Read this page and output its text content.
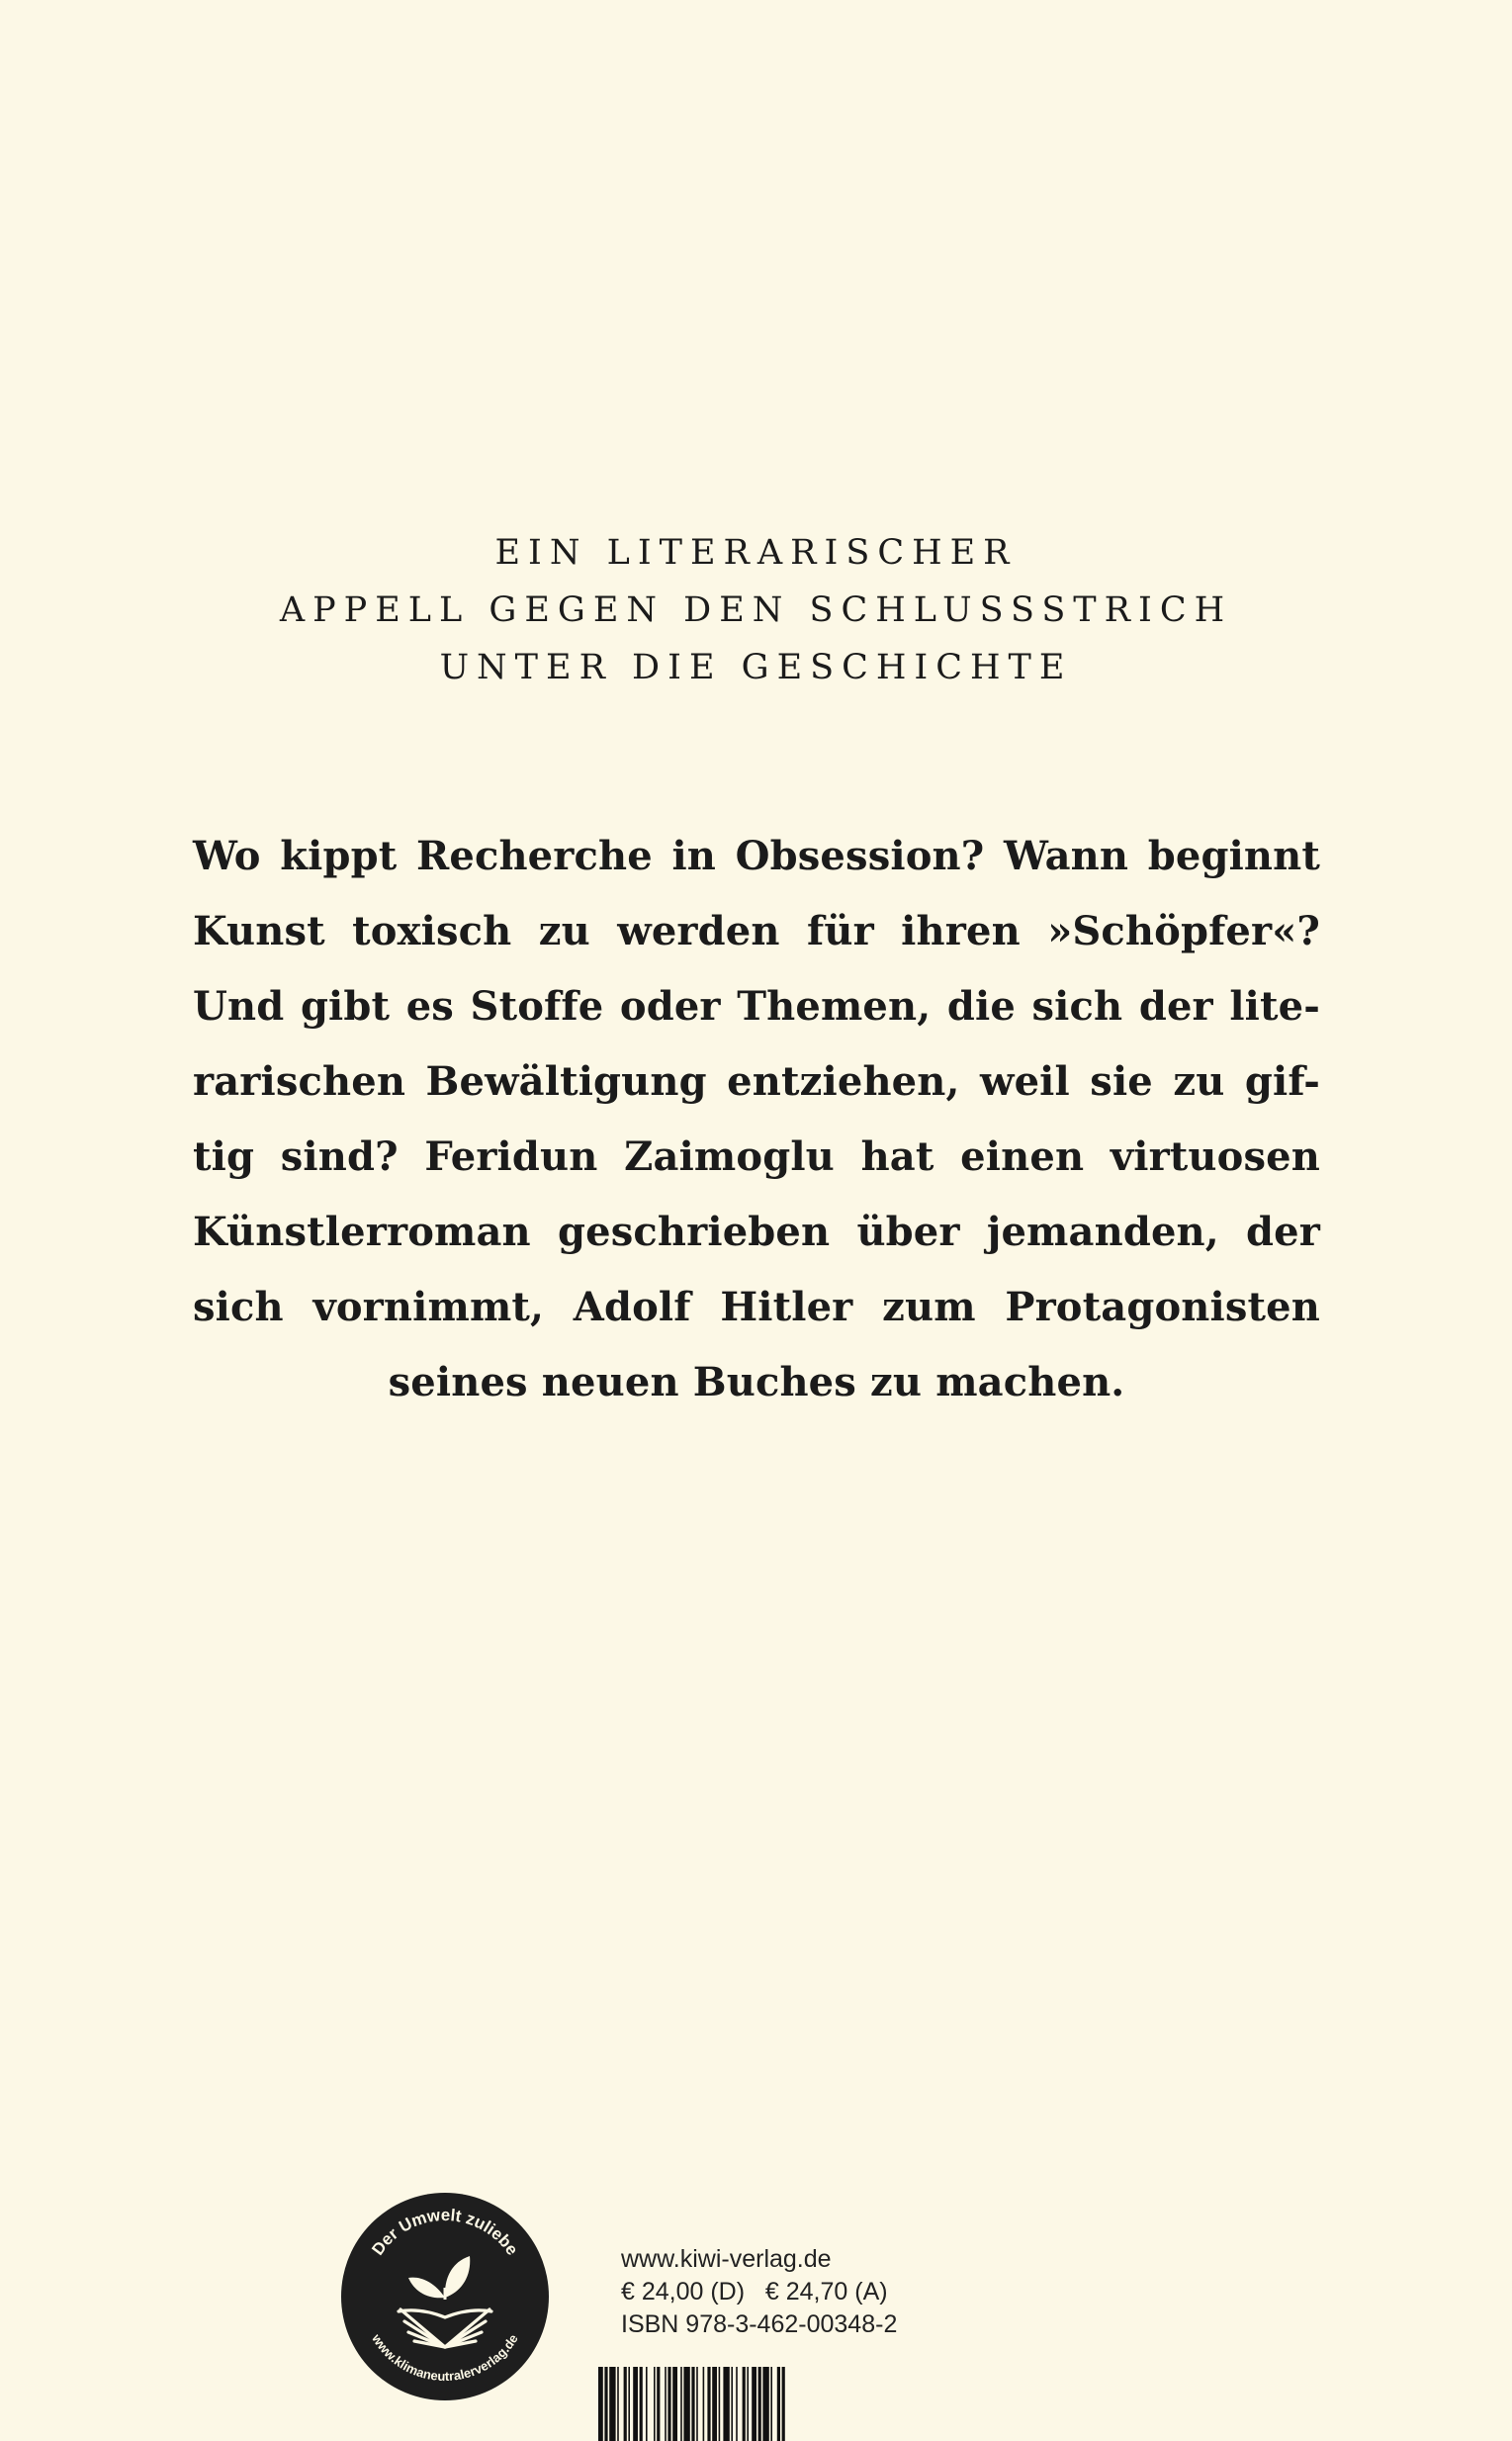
EIN LITERARISCHER
APPELL GEGEN DEN SCHLUSSSTRICH
UNTER DIE GESCHICHTE
Wo kippt Recherche in Obsession? Wann beginnt
Kunst toxisch zu werden für ihren »Schöpfer«?
Und gibt es Stoffe oder Themen, die sich der lite-
rarischen Bewältigung entziehen, weil sie zu gif-
tig sind? Feridun Zaimoglu hat einen virtuosen
Künstlerroman geschrieben über jemanden, der
sich vornimmt, Adolf Hitler zum Protagonisten
seines neuen Buches zu machen.
Der Umwelt zuliebe
www.klimaneutralerverlag.de
www.kiwi-verlag.de
€ 24,00 (D)   € 24,70 (A)
ISBN 978-3-462-00348-2
